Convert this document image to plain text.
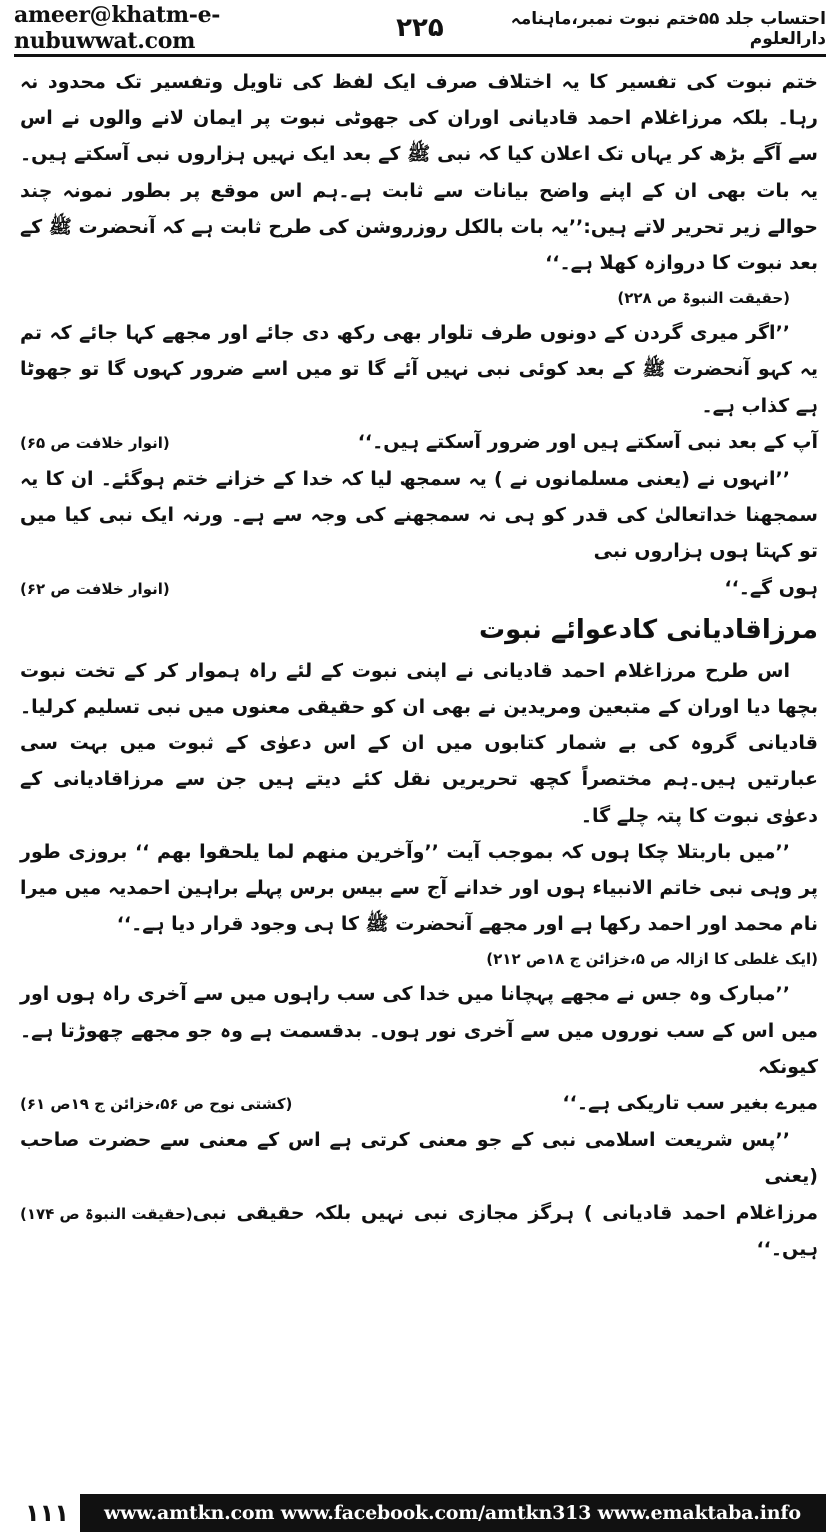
ameer@khatm-e-nubuwwat.com	۲۲۵	احتساب جلد ۵۵ختم نبوت نمبر،ماہنامہ دارالعلوم

ختم نبوت کی تفسیر کا یہ اختلاف صرف ایک لفظ کی تاویل وتفسیر تک محدود نہ رہا۔ بلکہ مرزاغلام احمد قادیانی اوران کی جھوٹی نبوت پر ایمان لانے والوں نے اس سے آگے بڑھ کر یہاں تک اعلان کیا کہ نبی ﷺ کے بعد ایک نہیں ہزاروں نبی آسکتے ہیں۔ یہ بات بھی ان کے اپنے واضح بیانات سے ثابت ہے۔ہم اس موقع پر بطور نمونہ چند حوالے زیر تحریر لاتے ہیں:’’یہ بات بالکل روزروشن کی طرح ثابت ہے کہ آنحضرت ﷺ کے بعد نبوت کا دروازہ کھلا ہے۔‘‘

(حقیقت النبوۃ ص ۲۲۸)

’’اگر میری گردن کے دونوں طرف تلوار بھی رکھ دی جائے اور مجھے کہا جائے کہ تم یہ کہو آنحضرت ﷺ کے بعد کوئی نبی نہیں آئے گا تو میں اسے ضرور کہوں گا تو جھوٹا ہے کذاب ہے۔

آپ کے بعد نبی آسکتے ہیں اور ضرور آسکتے ہیں۔‘‘
(انوار خلافت ص ۶۵)

’’انہوں نے (یعنی مسلمانوں نے ) یہ سمجھ لیا کہ خدا کے خزانے ختم ہوگئے۔ ان کا یہ سمجھنا خداتعالیٰ کی قدر کو ہی نہ سمجھنے کی وجہ سے ہے۔ ورنہ ایک نبی کیا میں تو کہتا ہوں ہزاروں نبی

ہوں گے۔‘‘
(انوار خلافت ص ۶۲)

مرزاقادیانی کادعوائے نبوت

اس طرح مرزاغلام احمد قادیانی نے اپنی نبوت کے لئے راہ ہموار کر کے تخت نبوت بچھا دیا اوران کے متبعین ومریدین نے بھی ان کو حقیقی معنوں میں نبی تسلیم کرلیا۔ قادیانی گروہ کی بے شمار کتابوں میں ان کے اس دعوٰی کے ثبوت میں بہت سی عبارتیں ہیں۔ہم مختصراً کچھ تحریریں نقل کئے دیتے ہیں جن سے مرزاقادیانی کے دعوٰی نبوت کا پتہ چلے گا۔

’’میں باربتلا چکا ہوں کہ بموجب آیت ’’وآخرین منھم لما یلحقوا بھم ‘‘ بروزی طور پر وہی نبی خاتم الانبیاء ہوں اور خدانے آج سے بیس برس پہلے براہین احمدیہ میں میرا نام محمد اور احمد رکھا ہے اور مجھے آنحضرت ﷺ کا ہی وجود قرار دیا ہے۔‘‘

(ایک غلطی کا ازالہ ص ۵،خزائن ج ۱۸ص ۲۱۲)

’’مبارک وہ جس نے مجھے پہچانا میں خدا کی سب راہوں میں سے آخری راہ ہوں اور میں اس کے سب نوروں میں سے آخری نور ہوں۔ بدقسمت ہے وہ جو مجھے چھوڑتا ہے۔ کیونکہ

میرے بغیر سب تاریکی ہے۔‘‘
(کشتی نوح ص ۵۶،خزائن ج ۱۹ص ۶۱)

’’پس شریعت اسلامی نبی کے جو معنی کرتی ہے اس کے معنی سے حضرت صاحب (یعنی

مرزاغلام احمد قادیانی ) ہرگز مجازی نبی نہیں بلکہ حقیقی نبی ہیں۔‘‘
(حقیقت النبوۃ ص ۱۷۴)
www.amtkn.com www.facebook.com/amtkn313 www.emaktaba.info
۱۱۱
